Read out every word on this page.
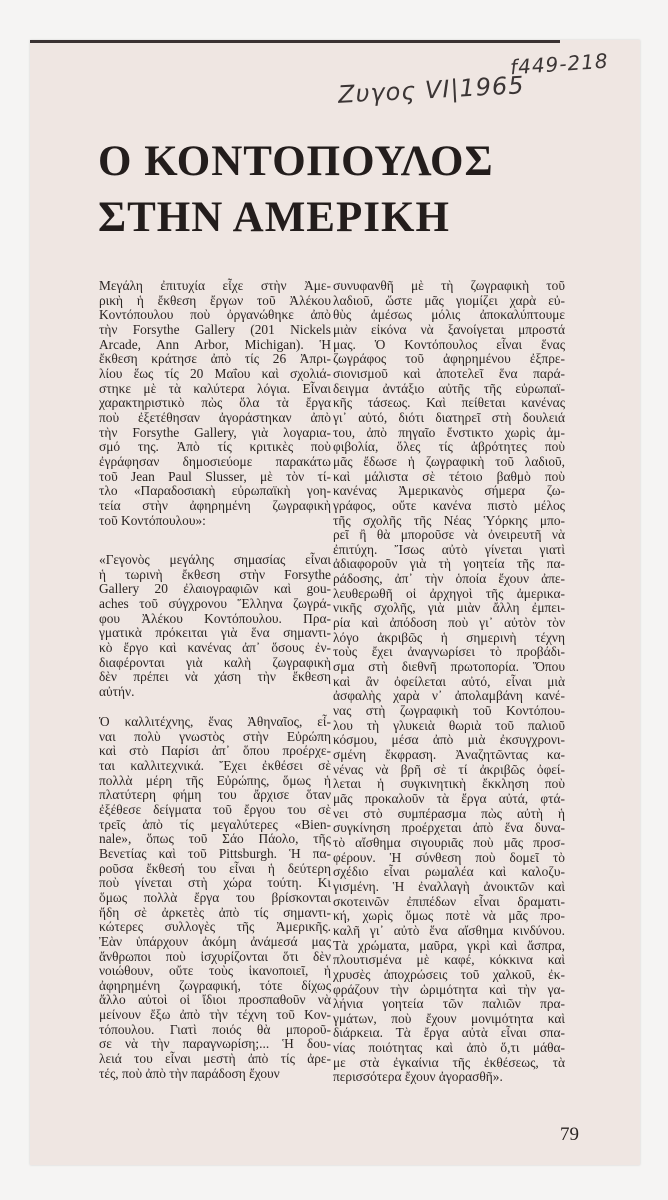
f449-218
Ζυγος VI|1965
Ο ΚΟΝΤΟΠΟΥΛΟΣ
ΣΤΗΝ ΑΜΕΡΙΚΗ
Μεγάλη ἐπιτυχία εἶχε στὴν Ἀμε-
ρικὴ ἡ ἔκθεση ἔργων τοῦ Ἀλέκου
Κοντόπουλου ποὺ ὀργανώθηκε ἀπὸ
τὴν Forsythe Gallery (201 Nickels
Arcade, Ann Arbor, Michigan). Ἡ
ἔκθεση κράτησε ἀπὸ τίς 26 Ἀπρι-
λίου ἕως τίς 20 Μαΐου καὶ σχολιά-
στηκε μὲ τὰ καλύτερα λόγια. Εἶναι
χαρακτηριστικὸ πὼς ὅλα τὰ ἔργα
ποὺ ἐξετέθησαν ἀγοράστηκαν ἀπὸ
τὴν Forsythe Gallery, γιὰ λογαρια-
σμό της. Ἀπὸ τίς κριτικὲς ποὺ
ἐγράφησαν δημοσιεύομε παρακάτω
τοῦ Jean Paul Slusser, μὲ τὸν τί-
τλο «Παραδοσιακὴ εὐρωπαϊκὴ γοη-
τεία στὴν ἀφηρημένη ζωγραφικὴ
τοῦ Κοντόπουλου»:
«Γεγονὸς μεγάλης σημασίας εἶναι
ἡ τωρινὴ ἔκθεση στὴν Forsythe
Gallery 20 ἐλαιογραφιῶν καὶ gou-
aches τοῦ σύγχρονου Ἕλληνα ζωγρά-
φου Ἀλέκου Κοντόπουλου. Πρα-
γματικὰ πρόκειται γιὰ ἕνα σημαντι-
κὸ ἔργο καὶ κανένας ἀπ᾿ ὅσους ἐν-
διαφέρονται γιὰ καλὴ ζωγραφικὴ
δὲν πρέπει νὰ χάση τὴν ἔκθεση
αὐτήν.
Ὁ καλλιτέχνης, ἕνας Ἀθηναῖος, εἶ-
ναι πολὺ γνωστὸς στὴν Εὐρώπη
καὶ στὸ Παρίσι ἀπ᾿ ὅπου προέρχε-
ται καλλιτεχνικά. Ἔχει ἐκθέσει σὲ
πολλὰ μέρη τῆς Εὐρώπης, ὅμως ἡ
πλατύτερη φήμη του ἄρχισε ὅταν
ἐξέθεσε δείγματα τοῦ ἔργου του σὲ
τρεῖς ἀπὸ τίς μεγαλύτερες «Bien-
nale», ὅπως τοῦ Σάο Πάολο, τῆς
Βενετίας καὶ τοῦ Pittsburgh. Ἡ πα-
ροῦσα ἔκθεσή του εἶναι ἡ δεύτερη
ποὺ γίνεται στὴ χώρα τούτη. Κι
ὅμως πολλὰ ἔργα του βρίσκονται
ἤδη σὲ ἀρκετὲς ἀπὸ τίς σημαντι-
κώτερες συλλογὲς τῆς Ἀμερικῆς.
Ἐὰν ὑπάρχουν ἀκόμη ἀνάμεσά μας
ἄνθρωποι ποὺ ἰσχυρίζονται ὅτι δὲν
νοιώθουν, οὔτε τοὺς ἱκανοποιεῖ, ἡ
ἀφηρημένη ζωγραφική, τότε δίχως
ἄλλο αὐτοὶ οἱ ἴδιοι προσπαθοῦν νὰ
μείνουν ἔξω ἀπὸ τὴν τέχνη τοῦ Κον-
τόπουλου. Γιατὶ ποιός θὰ μποροῦ-
σε νὰ τὴν παραγνωρίση;... Ἡ δου-
λειά του εἶναι μεστὴ ἀπὸ τίς ἀρε-
τές, ποὺ ἀπὸ τὴν παράδοση ἔχουν
συνυφανθῆ μὲ τὴ ζωγραφικὴ τοῦ
λαδιοῦ, ὥστε μᾶς γιομίζει χαρὰ εὐ-
θὺς ἀμέσως μόλις ἀποκαλύπτουμε
μιὰν εἰκόνα νὰ ξανοίγεται μπροστά
μας. Ὁ Κοντόπουλος εἶναι ἕνας
ζωγράφος τοῦ ἀφηρημένου ἐξπρε-
σιονισμοῦ καὶ ἀποτελεῖ ἕνα παρά-
δειγμα ἀντάξιο αὐτῆς τῆς εὐρωπαϊ-
κῆς τάσεως. Καὶ πείθεται κανένας
γι᾿ αὐτό, διότι διατηρεῖ στὴ δουλειά
του, ἀπὸ πηγαῖο ἔνστικτο χωρὶς ἀμ-
φιβολία, ὅλες τίς ἀβρότητες ποὺ
μᾶς ἔδωσε ἡ ζωγραφικὴ τοῦ λαδιοῦ,
καὶ μάλιστα σὲ τέτοιο βαθμὸ ποὺ
κανένας Ἀμερικανὸς σήμερα ζω-
γράφος, οὔτε κανένα πιστὸ μέλος
τῆς σχολῆς τῆς Νέας Ὑόρκης μπο-
ρεῖ ἢ θὰ μποροῦσε νὰ ὀνειρευτῆ νὰ
ἐπιτύχη. Ἴσως αὐτὸ γίνεται γιατὶ
ἀδιαφοροῦν γιὰ τὴ γοητεία τῆς πα-
ράδοσης, ἀπ᾿ τὴν ὁποία ἔχουν ἀπε-
λευθερωθῆ οἱ ἀρχηγοὶ τῆς ἀμερικα-
νικῆς σχολῆς, γιὰ μιὰν ἄλλη ἐμπει-
ρία καὶ ἀπόδοση ποὺ γι᾿ αὐτὸν τὸν
λόγο ἀκριβῶς ἡ σημερινὴ τέχνη
τοὺς ἔχει ἀναγνωρίσει τὸ προβάδι-
σμα στὴ διεθνῆ πρωτοπορία. Ὅπου
καὶ ἂν ὀφείλεται αὐτό, εἶναι μιὰ
ἀσφαλὴς χαρὰ ν᾿ ἀπολαμβάνη κανέ-
νας στὴ ζωγραφικὴ τοῦ Κοντόπου-
λου τὴ γλυκειὰ θωριὰ τοῦ παλιοῦ
κόσμου, μέσα ἀπὸ μιὰ ἐκσυγχρονι-
σμένη ἔκφραση. Ἀναζητῶντας κα-
νένας νὰ βρῆ σὲ τί ἀκριβῶς ὀφεί-
λεται ἡ συγκινητικὴ ἔκκληση ποὺ
μᾶς προκαλοῦν τὰ ἔργα αὐτά, φτά-
νει στὸ συμπέρασμα πὼς αὐτὴ ἡ
συγκίνηση προέρχεται ἀπὸ ἕνα δυνα-
τὸ αἴσθημα σιγουριᾶς ποὺ μᾶς προσ-
φέρουν. Ἡ σύνθεση ποὺ δομεῖ τὸ
σχέδιο εἶναι ρωμαλέα καὶ καλοζυ-
γισμένη. Ἡ ἐναλλαγὴ ἀνοικτῶν καὶ
σκοτεινῶν ἐπιπέδων εἶναι δραματι-
κή, χωρὶς ὅμως ποτὲ νὰ μᾶς προ-
καλῆ γι᾿ αὐτὸ ἕνα αἴσθημα κινδύνου.
Τὰ χρώματα, μαῦρα, γκρὶ καὶ ἄσπρα,
πλουτισμένα μὲ καφέ, κόκκινα καὶ
χρυσὲς ἀποχρώσεις τοῦ χαλκοῦ, ἐκ-
φράζουν τὴν ὡριμότητα καὶ τὴν γα-
λήνια γοητεία τῶν παλιῶν πρα-
γμάτων, ποὺ ἔχουν μονιμότητα καὶ
διάρκεια. Τὰ ἔργα αὐτὰ εἶναι σπα-
νίας ποιότητας καὶ ἀπὸ ὅ,τι μάθα-
με στὰ ἐγκαίνια τῆς ἐκθέσεως, τὰ
περισσότερα ἔχουν ἀγορασθῆ».
79
